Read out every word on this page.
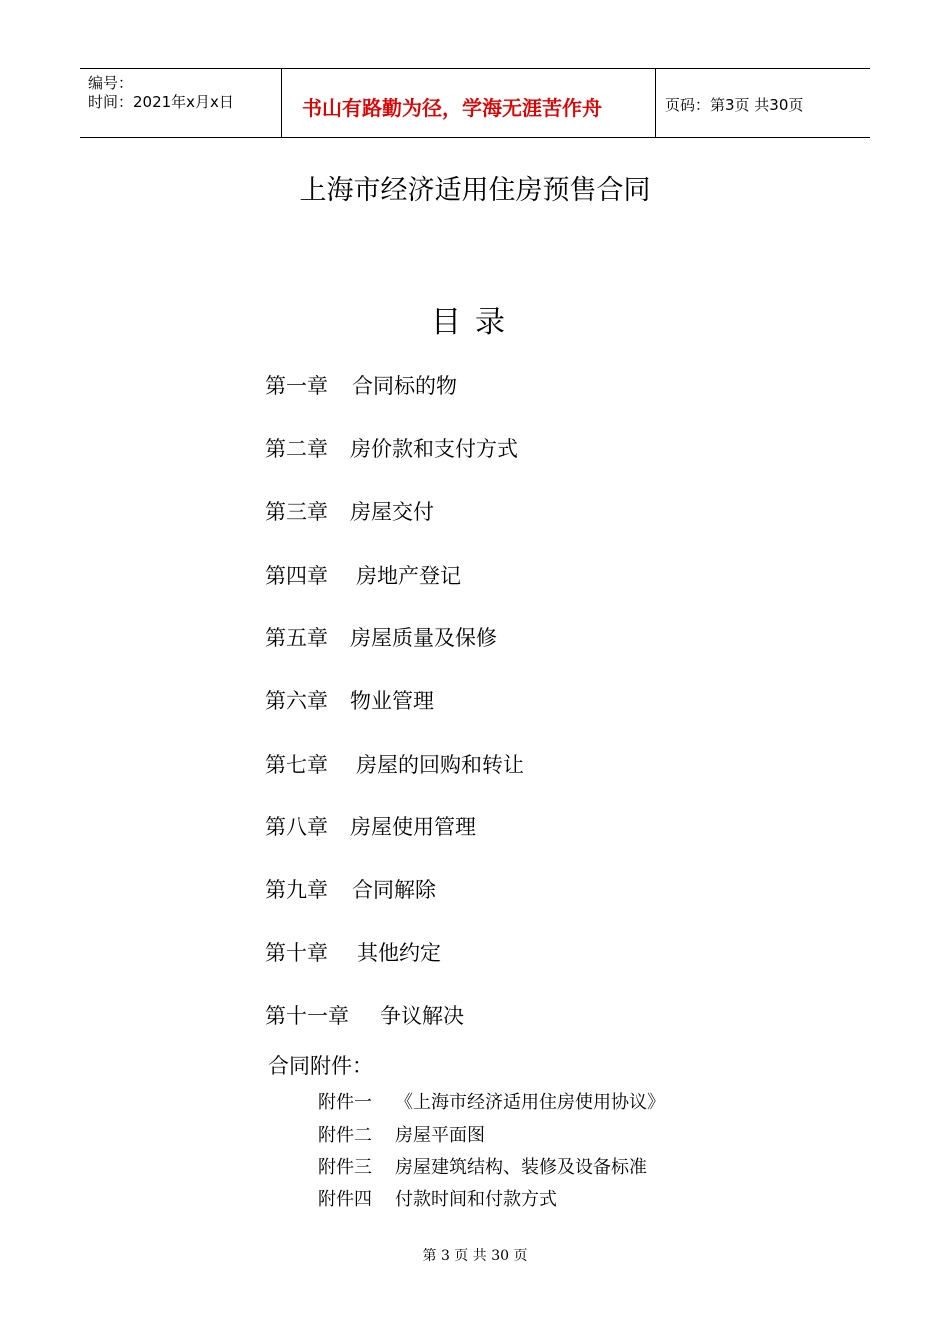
编号：
时间：2021年x月x日	书山有路勤为径，学海无涯苦作舟	页码：第3页 共30页
上海市经济适用住房预售合同
目录
第一章 合同标的物
第二章 房价款和支付方式
第三章 房屋交付
第四章 房地产登记
第五章 房屋质量及保修
第六章 物业管理
第七章 房屋的回购和转让
第八章 房屋使用管理
第九章 合同解除
第十章 其他约定
第十一章 争议解决
合同附件：
附件一 《上海市经济适用住房使用协议》
附件二 房屋平面图
附件三 房屋建筑结构、装修及设备标准
附件四 付款时间和付款方式
第 3 页 共 30 页
